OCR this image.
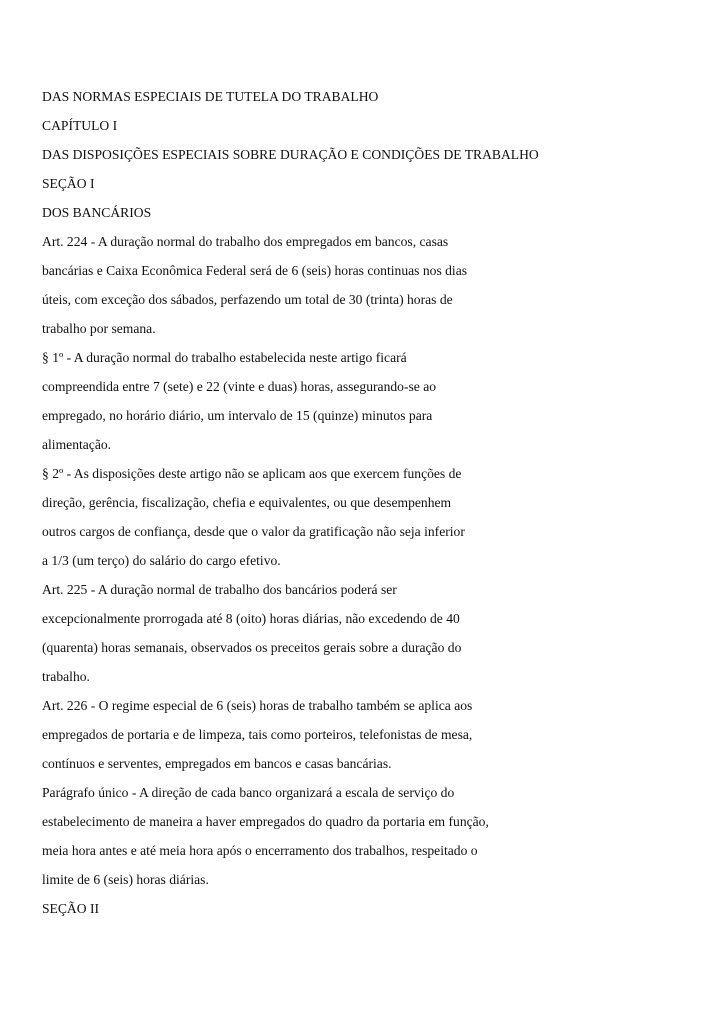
DAS NORMAS ESPECIAIS DE TUTELA DO TRABALHO
CAPÍTULO I
DAS DISPOSIÇÕES ESPECIAIS SOBRE DURAÇÃO E CONDIÇÕES DE TRABALHO
SEÇÃO I
DOS BANCÁRIOS
Art. 224 - A duração normal do trabalho dos empregados em bancos, casas
bancárias e Caixa Econômica Federal será de 6 (seis) horas continuas nos dias
úteis, com exceção dos sábados, perfazendo um total de 30 (trinta) horas de
trabalho por semana.
§ 1º - A duração normal do trabalho estabelecida neste artigo ficará
compreendida entre 7 (sete) e 22 (vinte e duas) horas, assegurando-se ao
empregado, no horário diário, um intervalo de 15 (quinze) minutos para
alimentação.
§ 2º - As disposições deste artigo não se aplicam aos que exercem funções de
direção, gerência, fiscalização, chefia e equivalentes, ou que desempenhem
outros cargos de confiança, desde que o valor da gratificação não seja inferior
a 1/3 (um terço) do salário do cargo efetivo.
Art. 225 - A duração normal de trabalho dos bancários poderá ser
excepcionalmente prorrogada até 8 (oito) horas diárias, não excedendo de 40
(quarenta) horas semanais, observados os preceitos gerais sobre a duração do
trabalho.
Art. 226 - O regime especial de 6 (seis) horas de trabalho também se aplica aos
empregados de portaria e de limpeza, tais como porteiros, telefonistas de mesa,
contínuos e serventes, empregados em bancos e casas bancárias.
Parágrafo único - A direção de cada banco organizará a escala de serviço do
estabelecimento de maneira a haver empregados do quadro da portaria em função,
meia hora antes e até meia hora após o encerramento dos trabalhos, respeitado o
limite de 6 (seis) horas diárias.
SEÇÃO II
